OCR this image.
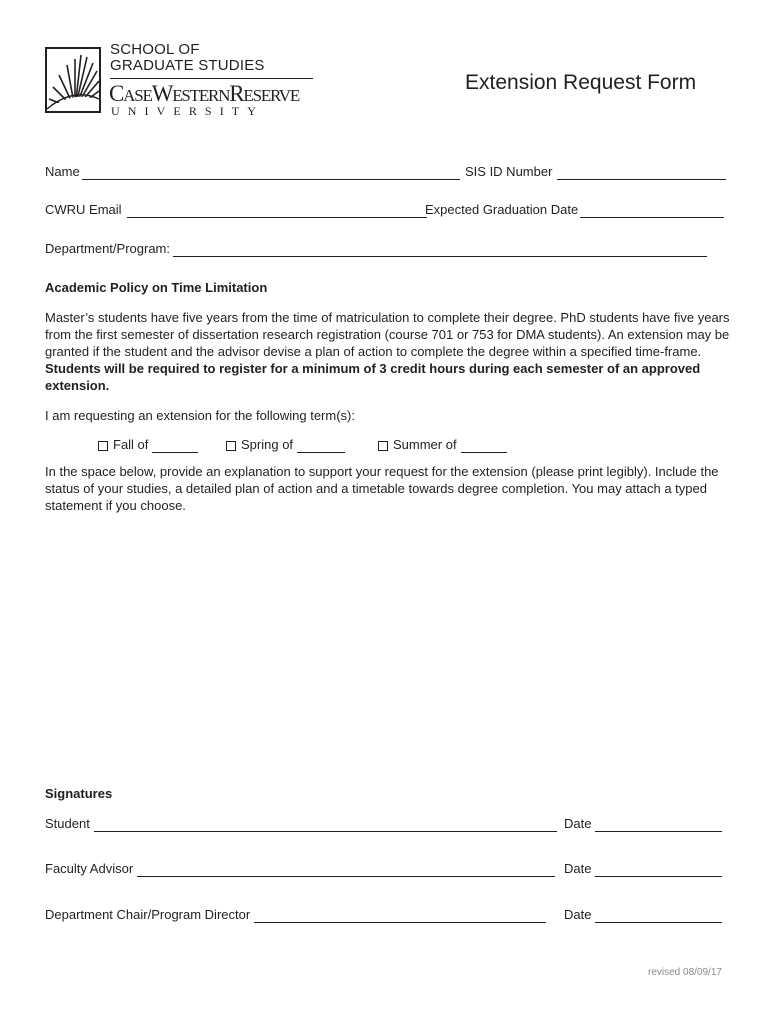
SCHOOL OF
GRADUATE STUDIES
CASEWESTERNRESERVE
UNIVERSITY
Extension Request Form
Name	SIS ID Number
CWRU Email	Expected Graduation Date
Department/Program:
Academic Policy on Time Limitation
Master’s students have five years from the time of matriculation to complete their degree. PhD students have five years from the first semester of dissertation research registration (course 701 or 753 for DMA students). An extension may be granted if the student and the advisor devise a plan of action to complete the degree within a specified time-frame. Students will be required to register for a minimum of 3 credit hours during each semester of an approved extension.
I am requesting an extension for the following term(s):
Fall of	Spring of	Summer of
In the space below, provide an explanation to support your request for the extension (please print legibly). Include the status of your studies, a detailed plan of action and a timetable towards degree completion. You may attach a typed statement if you choose.
Signatures
Student	Date
Faculty Advisor	Date
Department Chair/Program Director	Date
revised 08/09/17
